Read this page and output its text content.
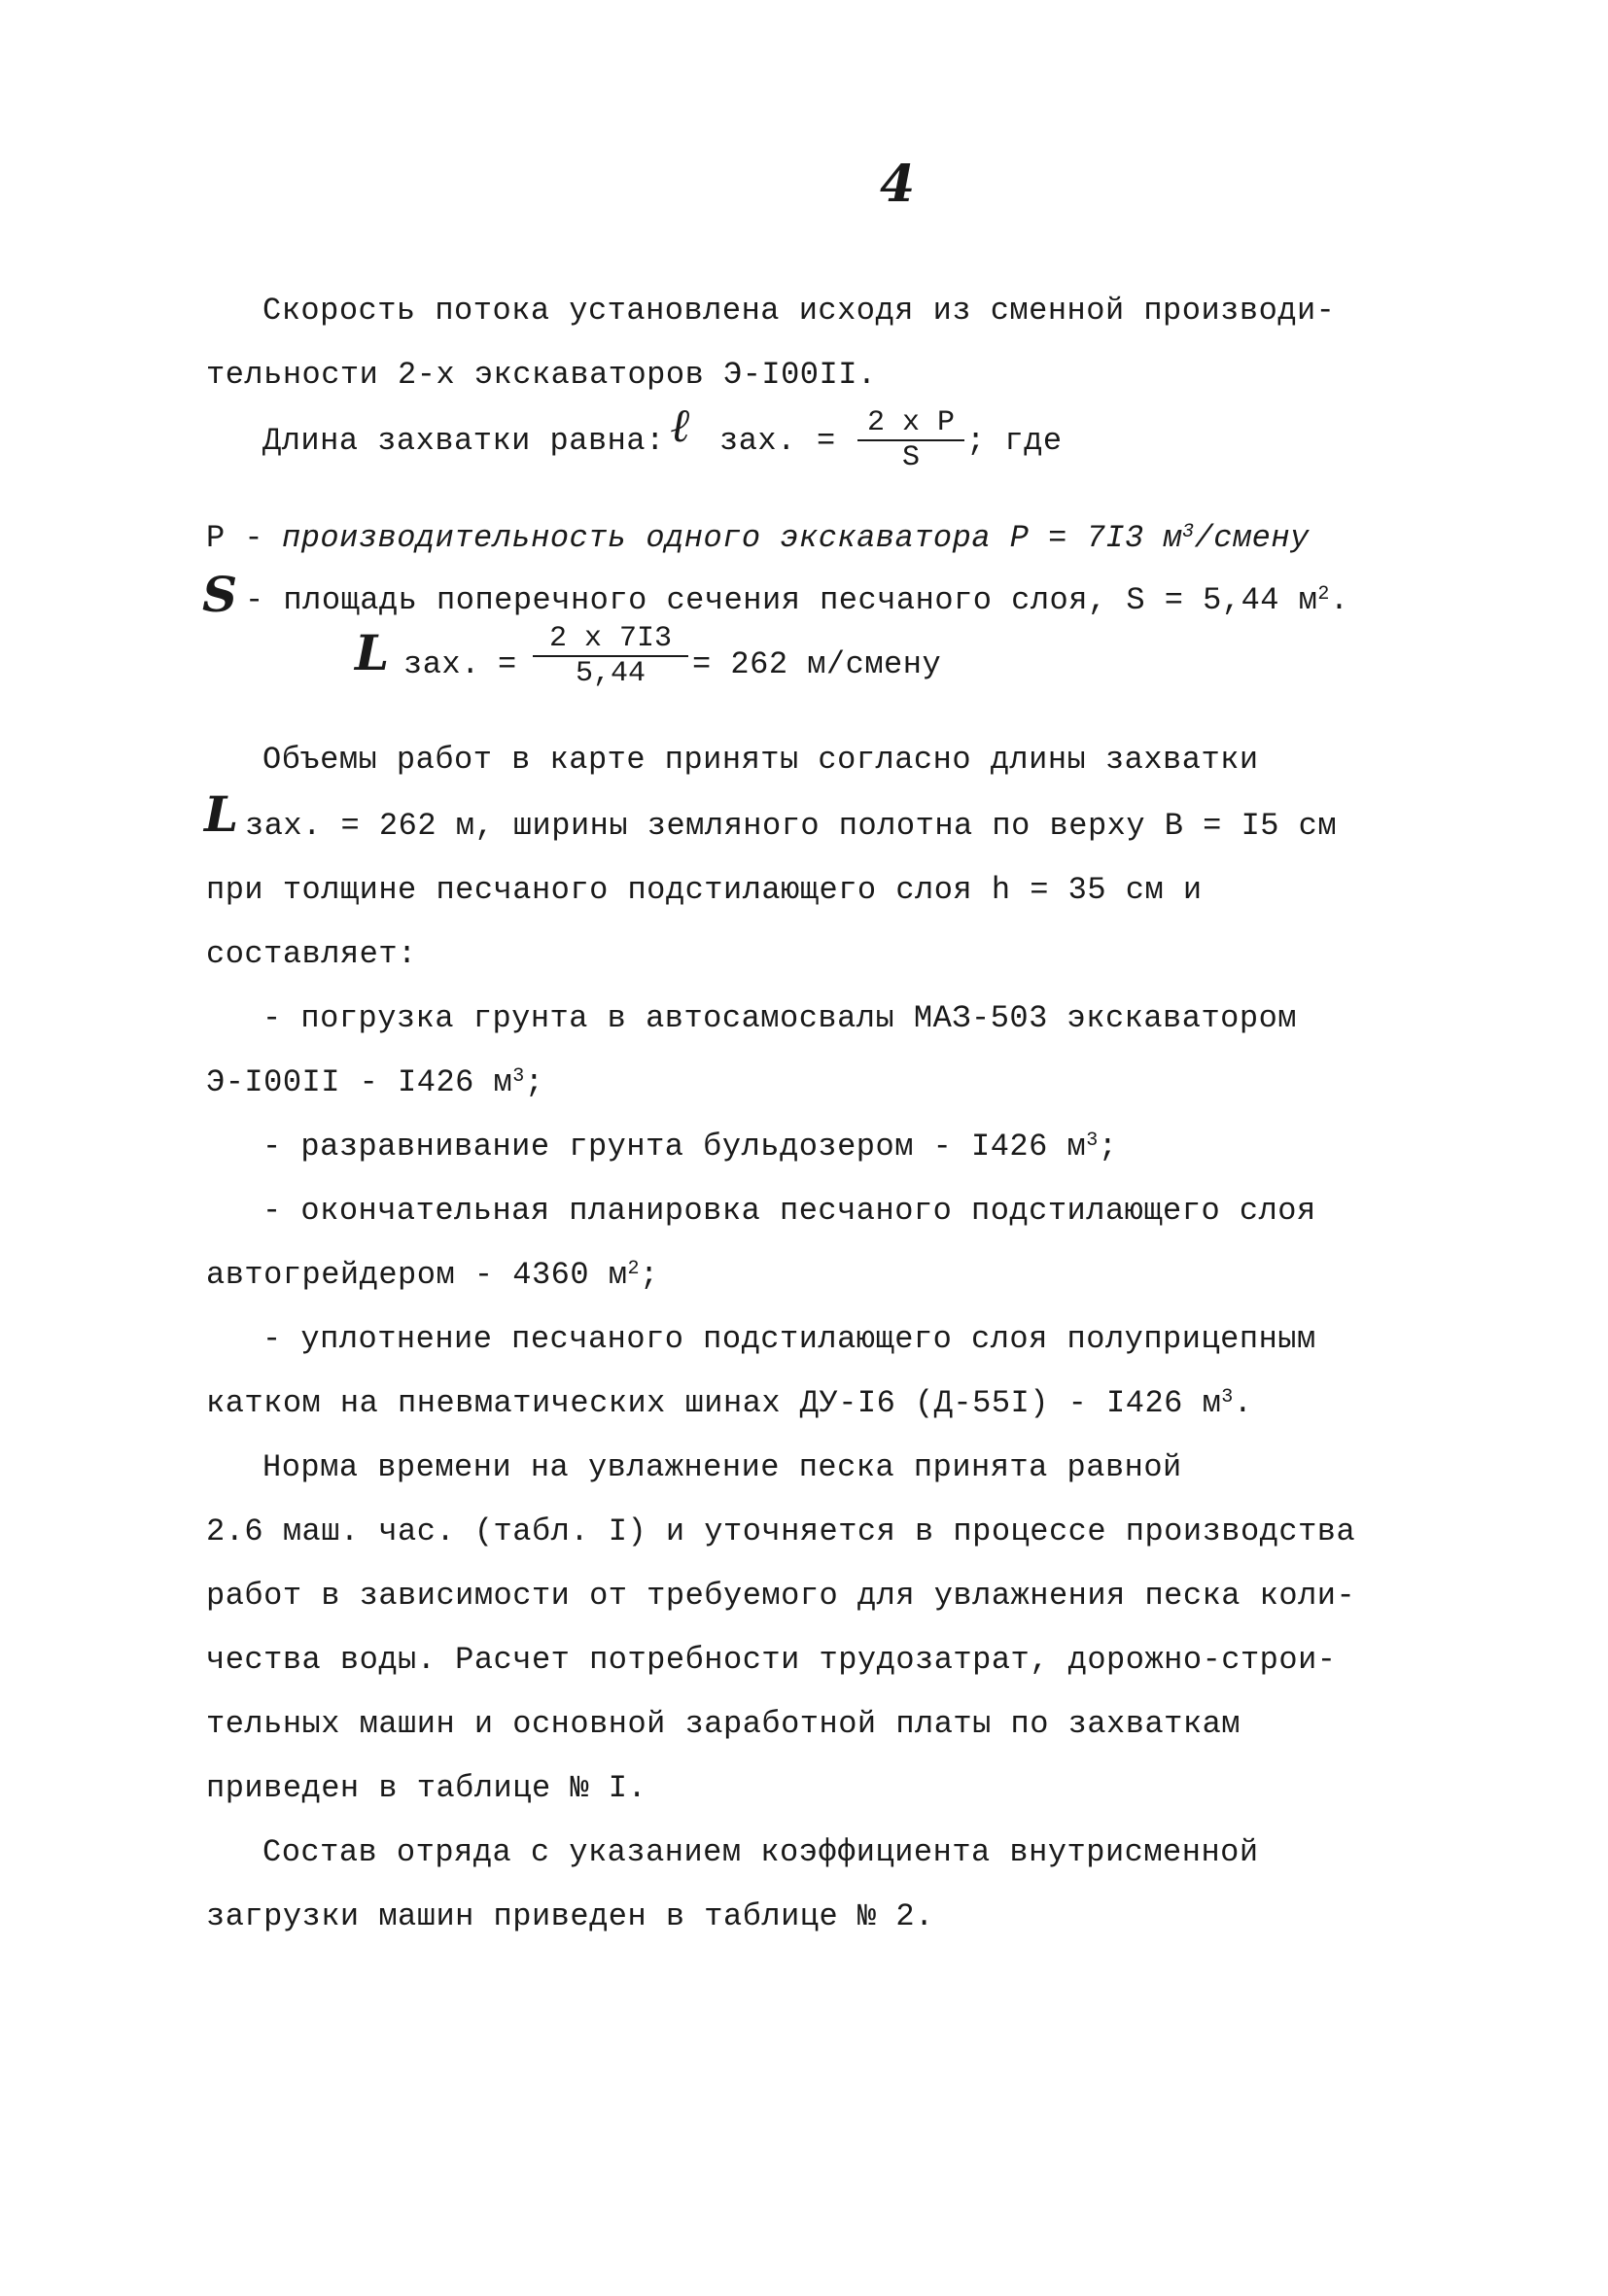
4
Скорость потока установлена исходя из сменной производи-
тельности 2-х экскаваторов Э-I00II.
Длина захватки равна: ℓ зах. = $\frac{\text{2 x P}}{S}$ ; где
P - производительность одного экскаватора P = 7I3 $м^3$/смену
S - площадь поперечного сечения песчаного слоя, S = 5,44 $м^2$.
L зах. = $\frac{2 x 7I3}{5,44} = 262$ м/смену
Объемы работ в карте приняты согласно длины захватки
L зах. = 262 м, ширины земляного полотна по верху B = I5 см
при толщине песчаного подстилающего слоя h = 35 см и
составляет:
- погрузка грунта в автосамосвалы МАЗ-503 экскаватором
Э-I00II - I426 $м^3$;
- разравнивание грунта бульдозером - I426 $м^3$;
- окончательная планировка песчаного подстилающего слоя
автогрейдером - 4360 $м^2$;
- уплотнение песчаного подстилающего слоя полуприцепным
катком на пневматических шинах ДУ-I6 (Д-55I) - I426 $м^3$.
Норма времени на увлажнение песка принята равной
2.6 маш. час. (табл. I) и уточняется в процессе производства
работ в зависимости от требуемого для увлажнения песка коли-
чества воды. Расчет потребности трудозатрат, дорожно-строи-
тельных машин и основной заработной платы по захваткам
приведен в таблице № I.
Состав отряда с указанием коэффициента внутрисменной
загрузки машин приведен в таблице № 2.
